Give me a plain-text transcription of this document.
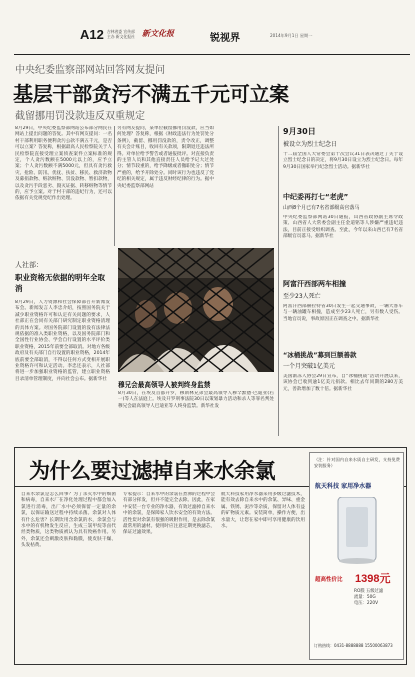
A12 吉林省委 宣传部
主办 新文化报社 新文化报	2014年9月1日 星期一
锐视界
中央纪委监察部网站回答网友提问
基层干部贪污不满五千元可立案
截留挪用罚没款违反双重规定
8月29日，中央纪委监察部网站公布部分网民在网站上提出问题的答复。其中有网友提问：一名村干部利用职务便利贪污公款不满五千元，是否可以立案？答复称，根据最高人民检察院关于人民检察院直接受理立案侦查案件立案标准的规定，个人贪污数额在5000元以上的，应予立案；个人贪污数额不满5000元，但具有贪污救灾、抢险、防汛、优抚、扶贫、移民、救济款物及募捐款物、赃款赃物、罚没款物、暂扣款物，以及贪污手段恶劣、毁灭证据、转移赃物等情节的，应予立案。对于村干部的违纪行为，还可以依据有关党规党纪作出处理。
另有网友提问，某单位截留挪用罚没款，应当如何处理？答复称，根据《财政违法行为处罚处分条例》，截留、挪用罚没款的，责令改正，调整有关会计账目，收回有关款项，限期退还违法所得。对单位给予警告或者通报批评。对直接负责的主管人员和其他直接责任人员给予记大过处分；情节较重的，给予降级或者撤职处分；情节严重的，给予开除处分。同时该行为也违反了党纪的相关规定，属于违反财经纪律的行为。据中央纪委监察部网站
人社部：
职业资格无依据的明年全取消
8月29日，人力资源和社会保障部召开新闻发布会。新闻发言人李忠介绍，按照国务院关于减少职业资格许可和认定有关问题的要求，人社部正在会同有关部门研究制定职业资格清理的具体方案。对国务院部门设置的没有法律法规依据的准入类职业资格，以及国务院部门和全国性行业协会、学会自行设置的水平评价类职业资格，2015年前要全部取消。对地方各级政府及有关部门自行设置的职业资格，2014年底前要全部取消，不得以任何方式变相开展职业资格许可和认定活动。李忠还表示，人社部将进一步加强职业资格的监管，建立职业资格目录清单管理制度，并向社会公布。据新华社
穆兄会最高领导人被判终身监禁
8月30日，在埃及首都开罗，穆斯林兄弟会最高领导人穆罕默德·巴迪亚(右一)等人在法庭上。埃及开罗刑事法院30日以策划暴力活动和杀人等罪名判处穆兄会最高领导人巴迪亚等人终身监禁。新华社发
9月30日
被设立为烈士纪念日
十二届全国人大常委会第十次会议31日表决通过了关于设立烈士纪念日的决定，将9月30日设立为烈士纪念日。每年9月30日国家举行纪念烈士活动。据新华社
中纪委再打七“老虎”
山西8个月已有7名省部级高官落马
中央纪委监察部网站30日通报，山西省政协副主席令政策、山西省人大常委会副主任金道铭等人涉嫌严重违纪违法，目前正接受组织调查。至此，今年以来山西已有7名省部级官员落马。据新华社
阿富汗西部两车相撞
至少23人死亡
阿富汗西部赫拉特省30日发生一起交通事故，一辆大客车与一辆油罐车相撞，造成至少23人死亡，另有数人受伤。当地官员说，事故原因正在调查之中。据新华社
“冰桶挑战”募到巨额善款
一个月突破1亿美元
美国渐冻人协会29日宣布，自“冰桶挑战”活动开展以来，该协会已收到逾1亿美元捐款。相比去年同期的280万美元，善款增加了数十倍。据新华社
为什么要过滤掉自来水余氯
自来水余氯是怎么回事？为了杀灭水中的细菌和病毒，自来水厂在净化处理过程中都会加入氯进行消毒，出厂水中必须保留一定量的余氯，以保证输送过程中持续杀菌。余氯对人体有什么危害？长期饮用含余氯的水，余氯会与水中的有机物发生反应，生成三氯甲烷等卤代烃类物质，这类物质被认为具有致癌作用。另外，余氯还会刺激皮肤和黏膜，使皮肤干燥、头发枯黄。
专家提示：自来水中的余氯在煮沸的过程中会有部分挥发，但并不能完全去除。因此，在家中安装一台专业的净水器，有效过滤掉自来水中的余氯，是保障家人饮水安全的有效方法。活性炭对余氯有很强的吸附作用，是去除余氯最常用的滤材。使用时应注意定期更换滤芯，保证过滤效果。
航天科技家用净水器采用多级过滤技术，能有效去除自来水中的余氯、异味、重金属、铁锈、泥沙等杂质，保留对人体有益的矿物质元素。安装简单，操作方便，出水量大，让您在家中即可享用健康的饮用水。
（注：针对国内自来水质自主研发，支持免费安装服务）
航天科技 家用净水器
超高性价比 1398元
RO膜 五级过滤
流量：50G
电压：220V
订购热线：0431-8888888 15500063873
